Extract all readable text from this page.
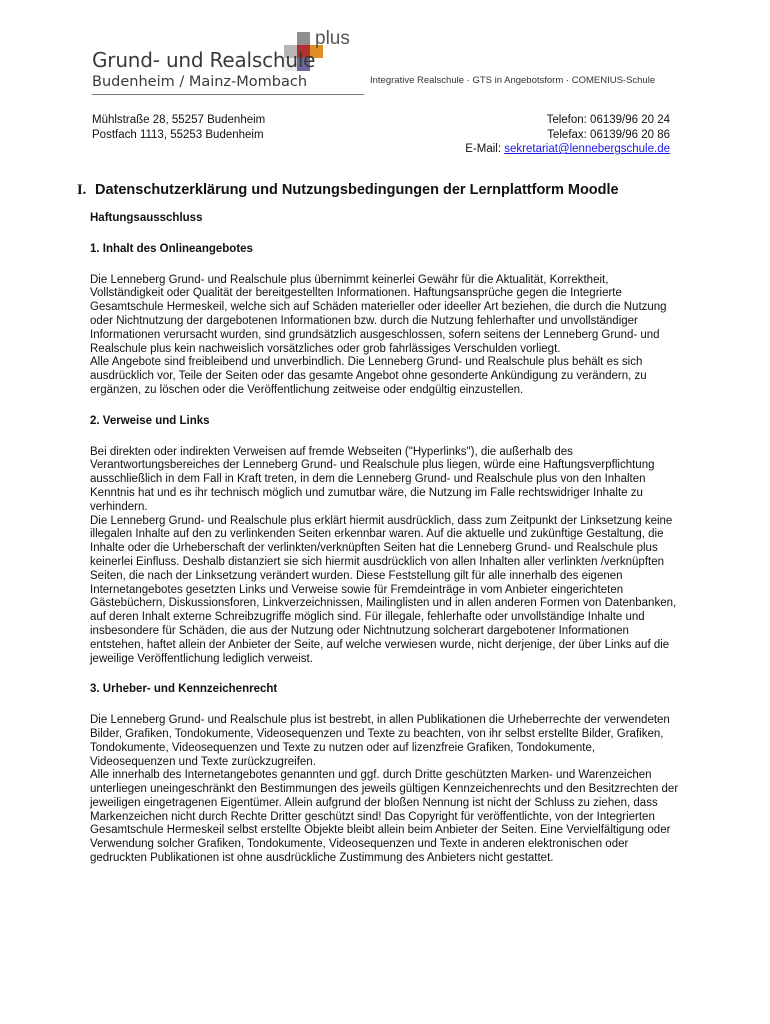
plus
Grund- und Realschule
Budenheim / Mainz-Mombach	Integrative Realschule · GTS in Angebotsform · COMENIUS-Schule
Mühlstraße 28, 55257 Budenheim
Postfach 1113, 55253 Budenheim
Telefon: 06139/96 20 24
Telefax: 06139/96 20 86
E-Mail: sekretariat@lennebergschule.de
I. Datenschutzerklärung und Nutzungsbedingungen der Lernplattform Moodle
Haftungsausschluss
1. Inhalt des Onlineangebotes
Die Lenneberg Grund- und Realschule plus übernimmt keinerlei Gewähr für die Aktualität, Korrektheit, Vollständigkeit oder Qualität der bereitgestellten Informationen. Haftungsansprüche gegen die Integrierte Gesamtschule Hermeskeil, welche sich auf Schäden materieller oder ideeller Art beziehen, die durch die Nutzung oder Nichtnutzung der dargebotenen Informationen bzw. durch die Nutzung fehlerhafter und unvollständiger Informationen verursacht wurden, sind grundsätzlich ausgeschlossen, sofern seitens der Lenneberg Grund- und Realschule plus kein nachweislich vorsätzliches oder grob fahrlässiges Verschulden vorliegt.
Alle Angebote sind freibleibend und unverbindlich. Die Lenneberg Grund- und Realschule plus behält es sich ausdrücklich vor, Teile der Seiten oder das gesamte Angebot ohne gesonderte Ankündigung zu verändern, zu ergänzen, zu löschen oder die Veröffentlichung zeitweise oder endgültig einzustellen.
2. Verweise und Links
Bei direkten oder indirekten Verweisen auf fremde Webseiten ("Hyperlinks"), die außerhalb des Verantwortungsbereiches der Lenneberg Grund- und Realschule plus liegen, würde eine Haftungsverpflichtung ausschließlich in dem Fall in Kraft treten, in dem die Lenneberg Grund- und Realschule plus von den Inhalten Kenntnis hat und es ihr technisch möglich und zumutbar wäre, die Nutzung im Falle rechtswidriger Inhalte zu verhindern.
Die Lenneberg Grund- und Realschule plus erklärt hiermit ausdrücklich, dass zum Zeitpunkt der Linksetzung keine illegalen Inhalte auf den zu verlinkenden Seiten erkennbar waren. Auf die aktuelle und zukünftige Gestaltung, die Inhalte oder die Urheberschaft der verlinkten/verknüpften Seiten hat die Lenneberg Grund- und Realschule plus keinerlei Einfluss. Deshalb distanziert sie sich hiermit ausdrücklich von allen Inhalten aller verlinkten /verknüpften Seiten, die nach der Linksetzung verändert wurden. Diese Feststellung gilt für alle innerhalb des eigenen Internetangebotes gesetzten Links und Verweise sowie für Fremdeinträge in vom Anbieter eingerichteten Gästebüchern, Diskussionsforen, Linkverzeichnissen, Mailinglisten und in allen anderen Formen von Datenbanken, auf deren Inhalt externe Schreibzugriffe möglich sind. Für illegale, fehlerhafte oder unvollständige Inhalte und insbesondere für Schäden, die aus der Nutzung oder Nichtnutzung solcherart dargebotener Informationen entstehen, haftet allein der Anbieter der Seite, auf welche verwiesen wurde, nicht derjenige, der über Links auf die jeweilige Veröffentlichung lediglich verweist.
3. Urheber- und Kennzeichenrecht
Die Lenneberg Grund- und Realschule plus ist bestrebt, in allen Publikationen die Urheberrechte der verwendeten Bilder, Grafiken, Tondokumente, Videosequenzen und Texte zu beachten, von ihr selbst erstellte Bilder, Grafiken, Tondokumente, Videosequenzen und Texte zu nutzen oder auf lizenzfreie Grafiken, Tondokumente, Videosequenzen und Texte zurückzugreifen.
Alle innerhalb des Internetangebotes genannten und ggf. durch Dritte geschützten Marken- und Warenzeichen unterliegen uneingeschränkt den Bestimmungen des jeweils gültigen Kennzeichenrechts und den Besitzrechten der jeweiligen eingetragenen Eigentümer. Allein aufgrund der bloßen Nennung ist nicht der Schluss zu ziehen, dass Markenzeichen nicht durch Rechte Dritter geschützt sind! Das Copyright für veröffentlichte, von der Integrierten Gesamtschule Hermeskeil selbst erstellte Objekte bleibt allein beim Anbieter der Seiten. Eine Vervielfältigung oder Verwendung solcher Grafiken, Tondokumente, Videosequenzen und Texte in anderen elektronischen oder gedruckten Publikationen ist ohne ausdrückliche Zustimmung des Anbieters nicht gestattet.
